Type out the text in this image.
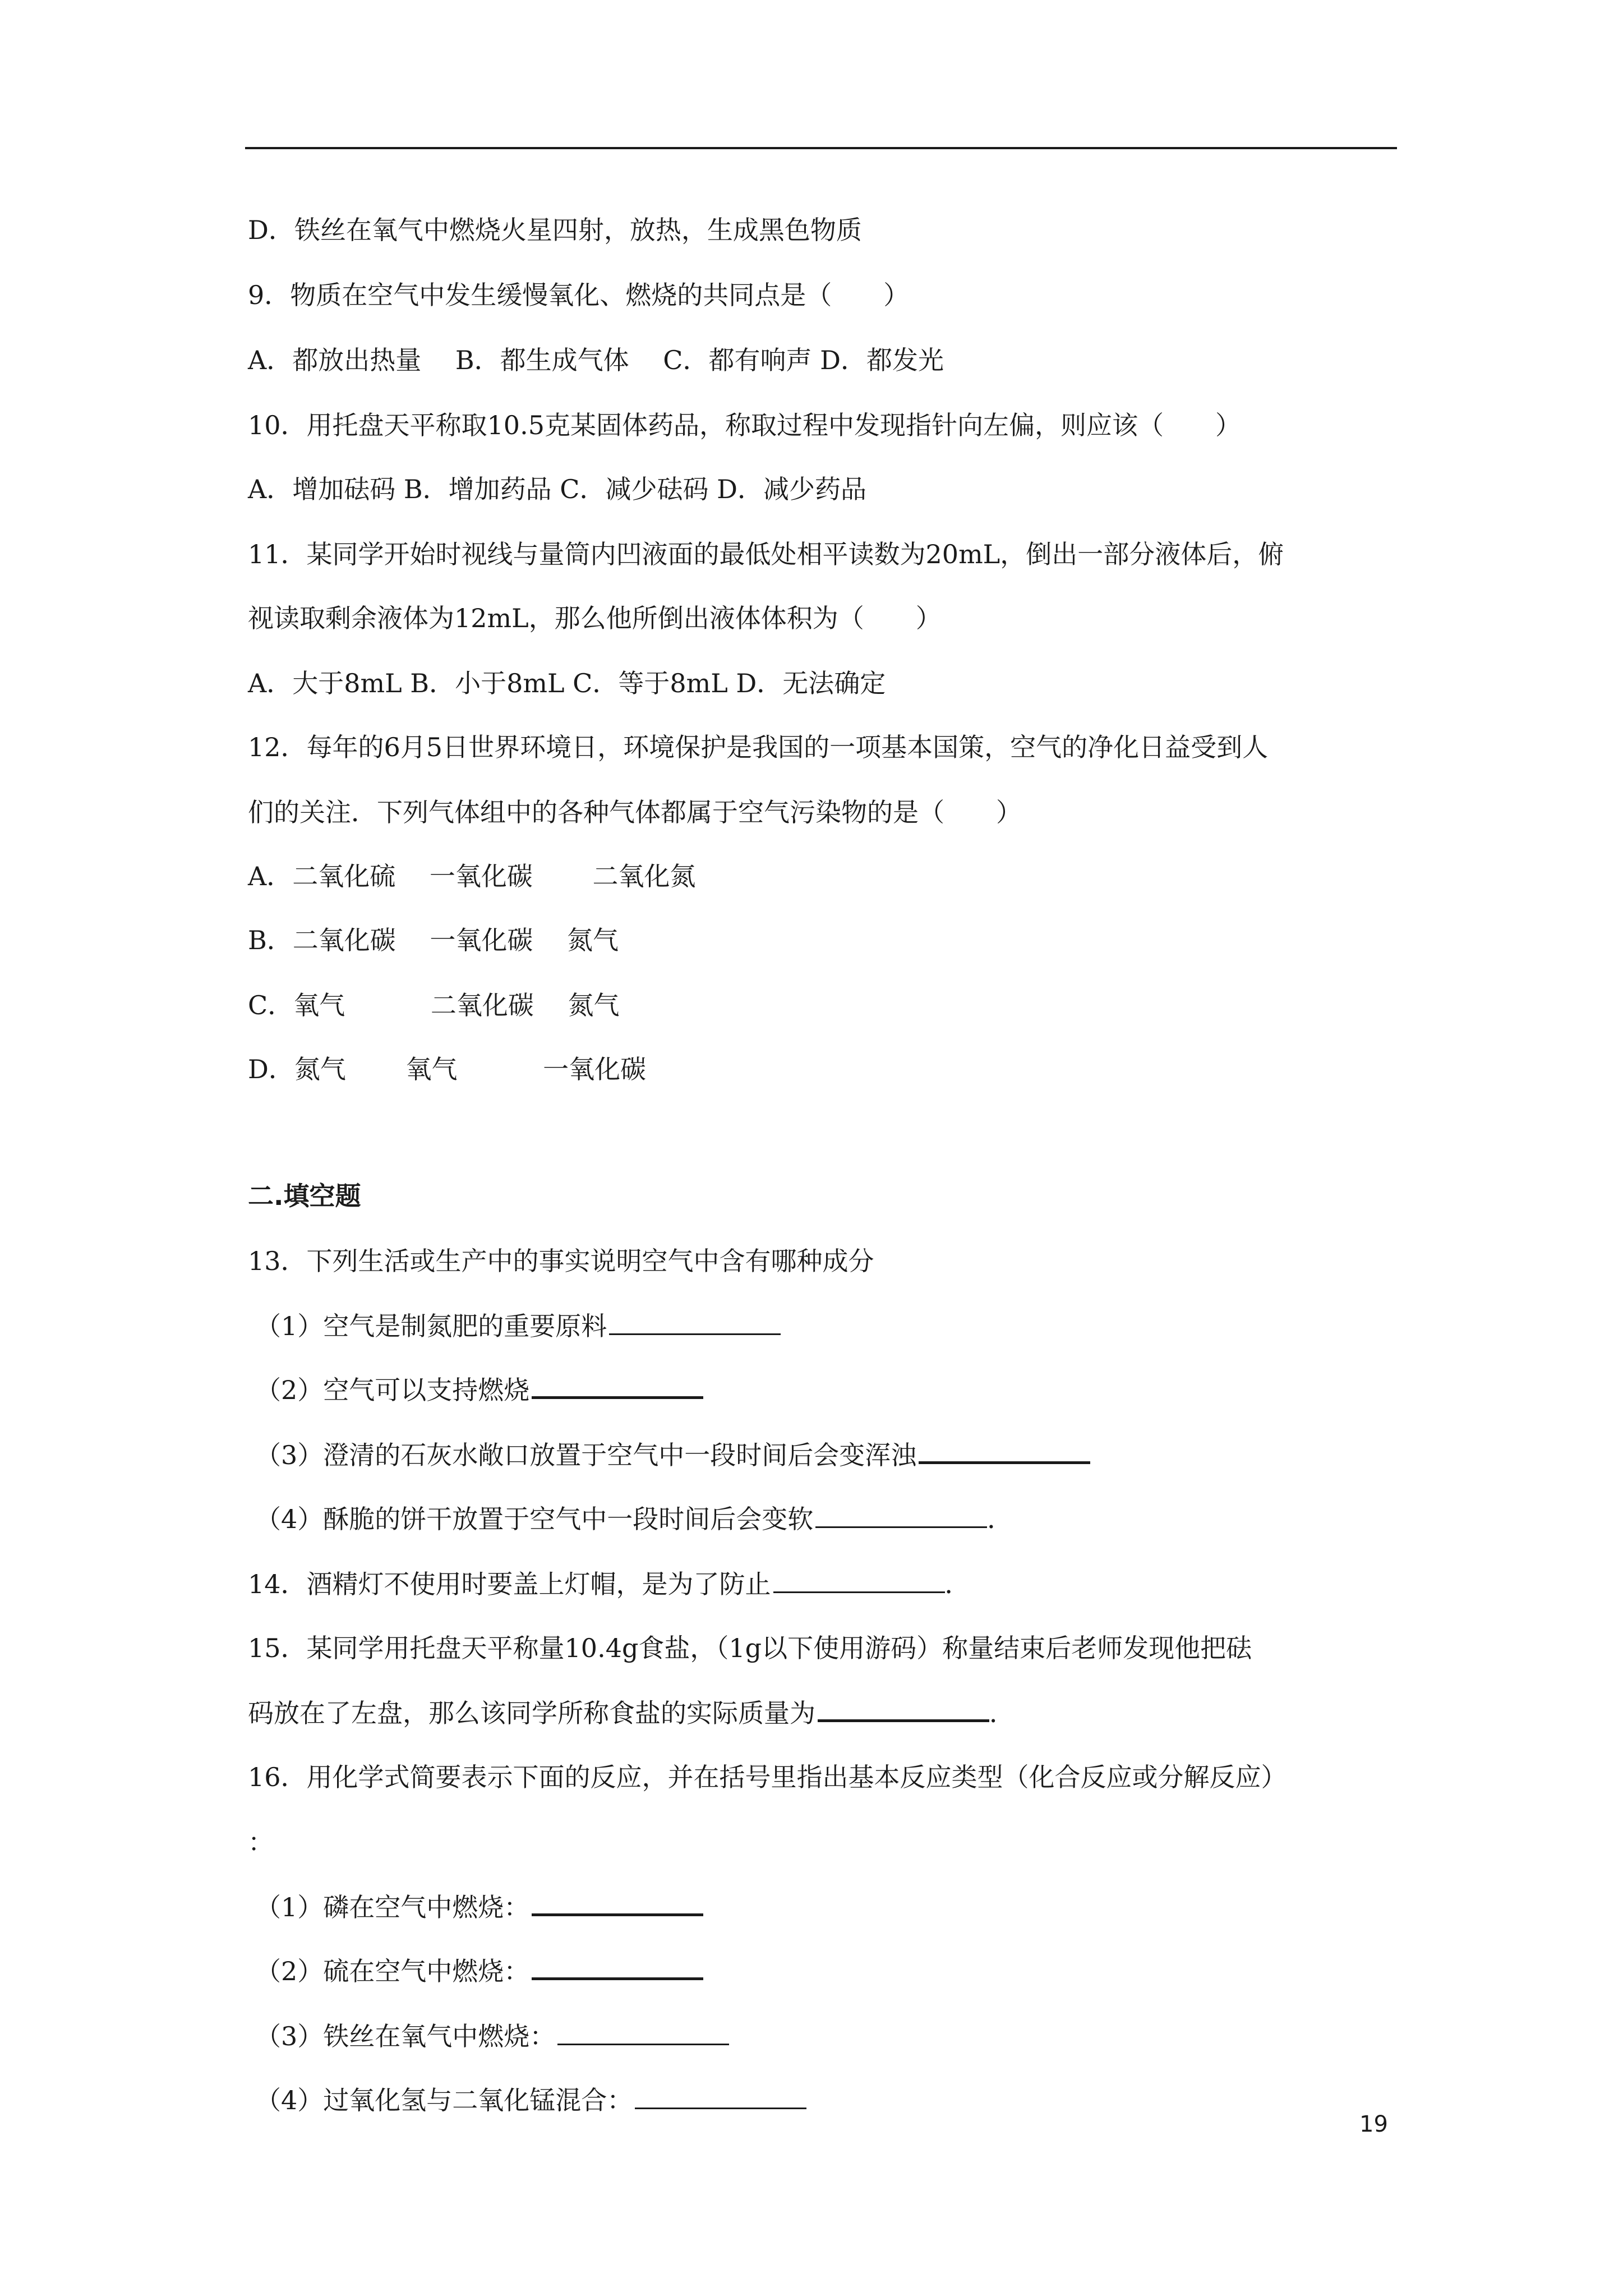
D．铁丝在氧气中燃烧火星四射，放热，生成黑色物质
9．物质在空气中发生缓慢氧化、燃烧的共同点是（　　）
A．都放出热量　 B．都生成气体　 C．都有响声 D．都发光
10．用托盘天平称取10.5克某固体药品，称取过程中发现指针向左偏，则应该（　　）
A．增加砝码 B．增加药品 C．减少砝码 D．减少药品
11．某同学开始时视线与量筒内凹液面的最低处相平读数为20mL，倒出一部分液体后，俯
视读取剩余液体为12mL，那么他所倒出液体体积为（　　）
A．大于8mL B．小于8mL C．等于8mL D．无法确定
12．每年的6月5日世界环境日，环境保护是我国的一项基本国策，空气的净化日益受到人
们的关注．下列气体组中的各种气体都属于空气污染物的是（　　）
A．二氧化硫　 一氧化碳　　 二氧化氮
B．二氧化碳　 一氧化碳　 氮气
C．氧气　　　 二氧化碳　 氮气
D．氮气　　 氧气　　　 一氧化碳
二.填空题
13．下列生活或生产中的事实说明空气中含有哪种成分
（1）空气是制氮肥的重要原料
（2）空气可以支持燃烧
（3）澄清的石灰水敞口放置于空气中一段时间后会变浑浊
（4）酥脆的饼干放置于空气中一段时间后会变软	．
14．酒精灯不使用时要盖上灯帽，是为了防止	．
15．某同学用托盘天平称量10.4g食盐，（1g以下使用游码）称量结束后老师发现他把砝
码放在了左盘，那么该同学所称食盐的实际质量为	．
16．用化学式简要表示下面的反应，并在括号里指出基本反应类型（化合反应或分解反应）
：
（1）磷在空气中燃烧：
（2）硫在空气中燃烧：
（3）铁丝在氧气中燃烧：
（4）过氧化氢与二氧化锰混合：
19
